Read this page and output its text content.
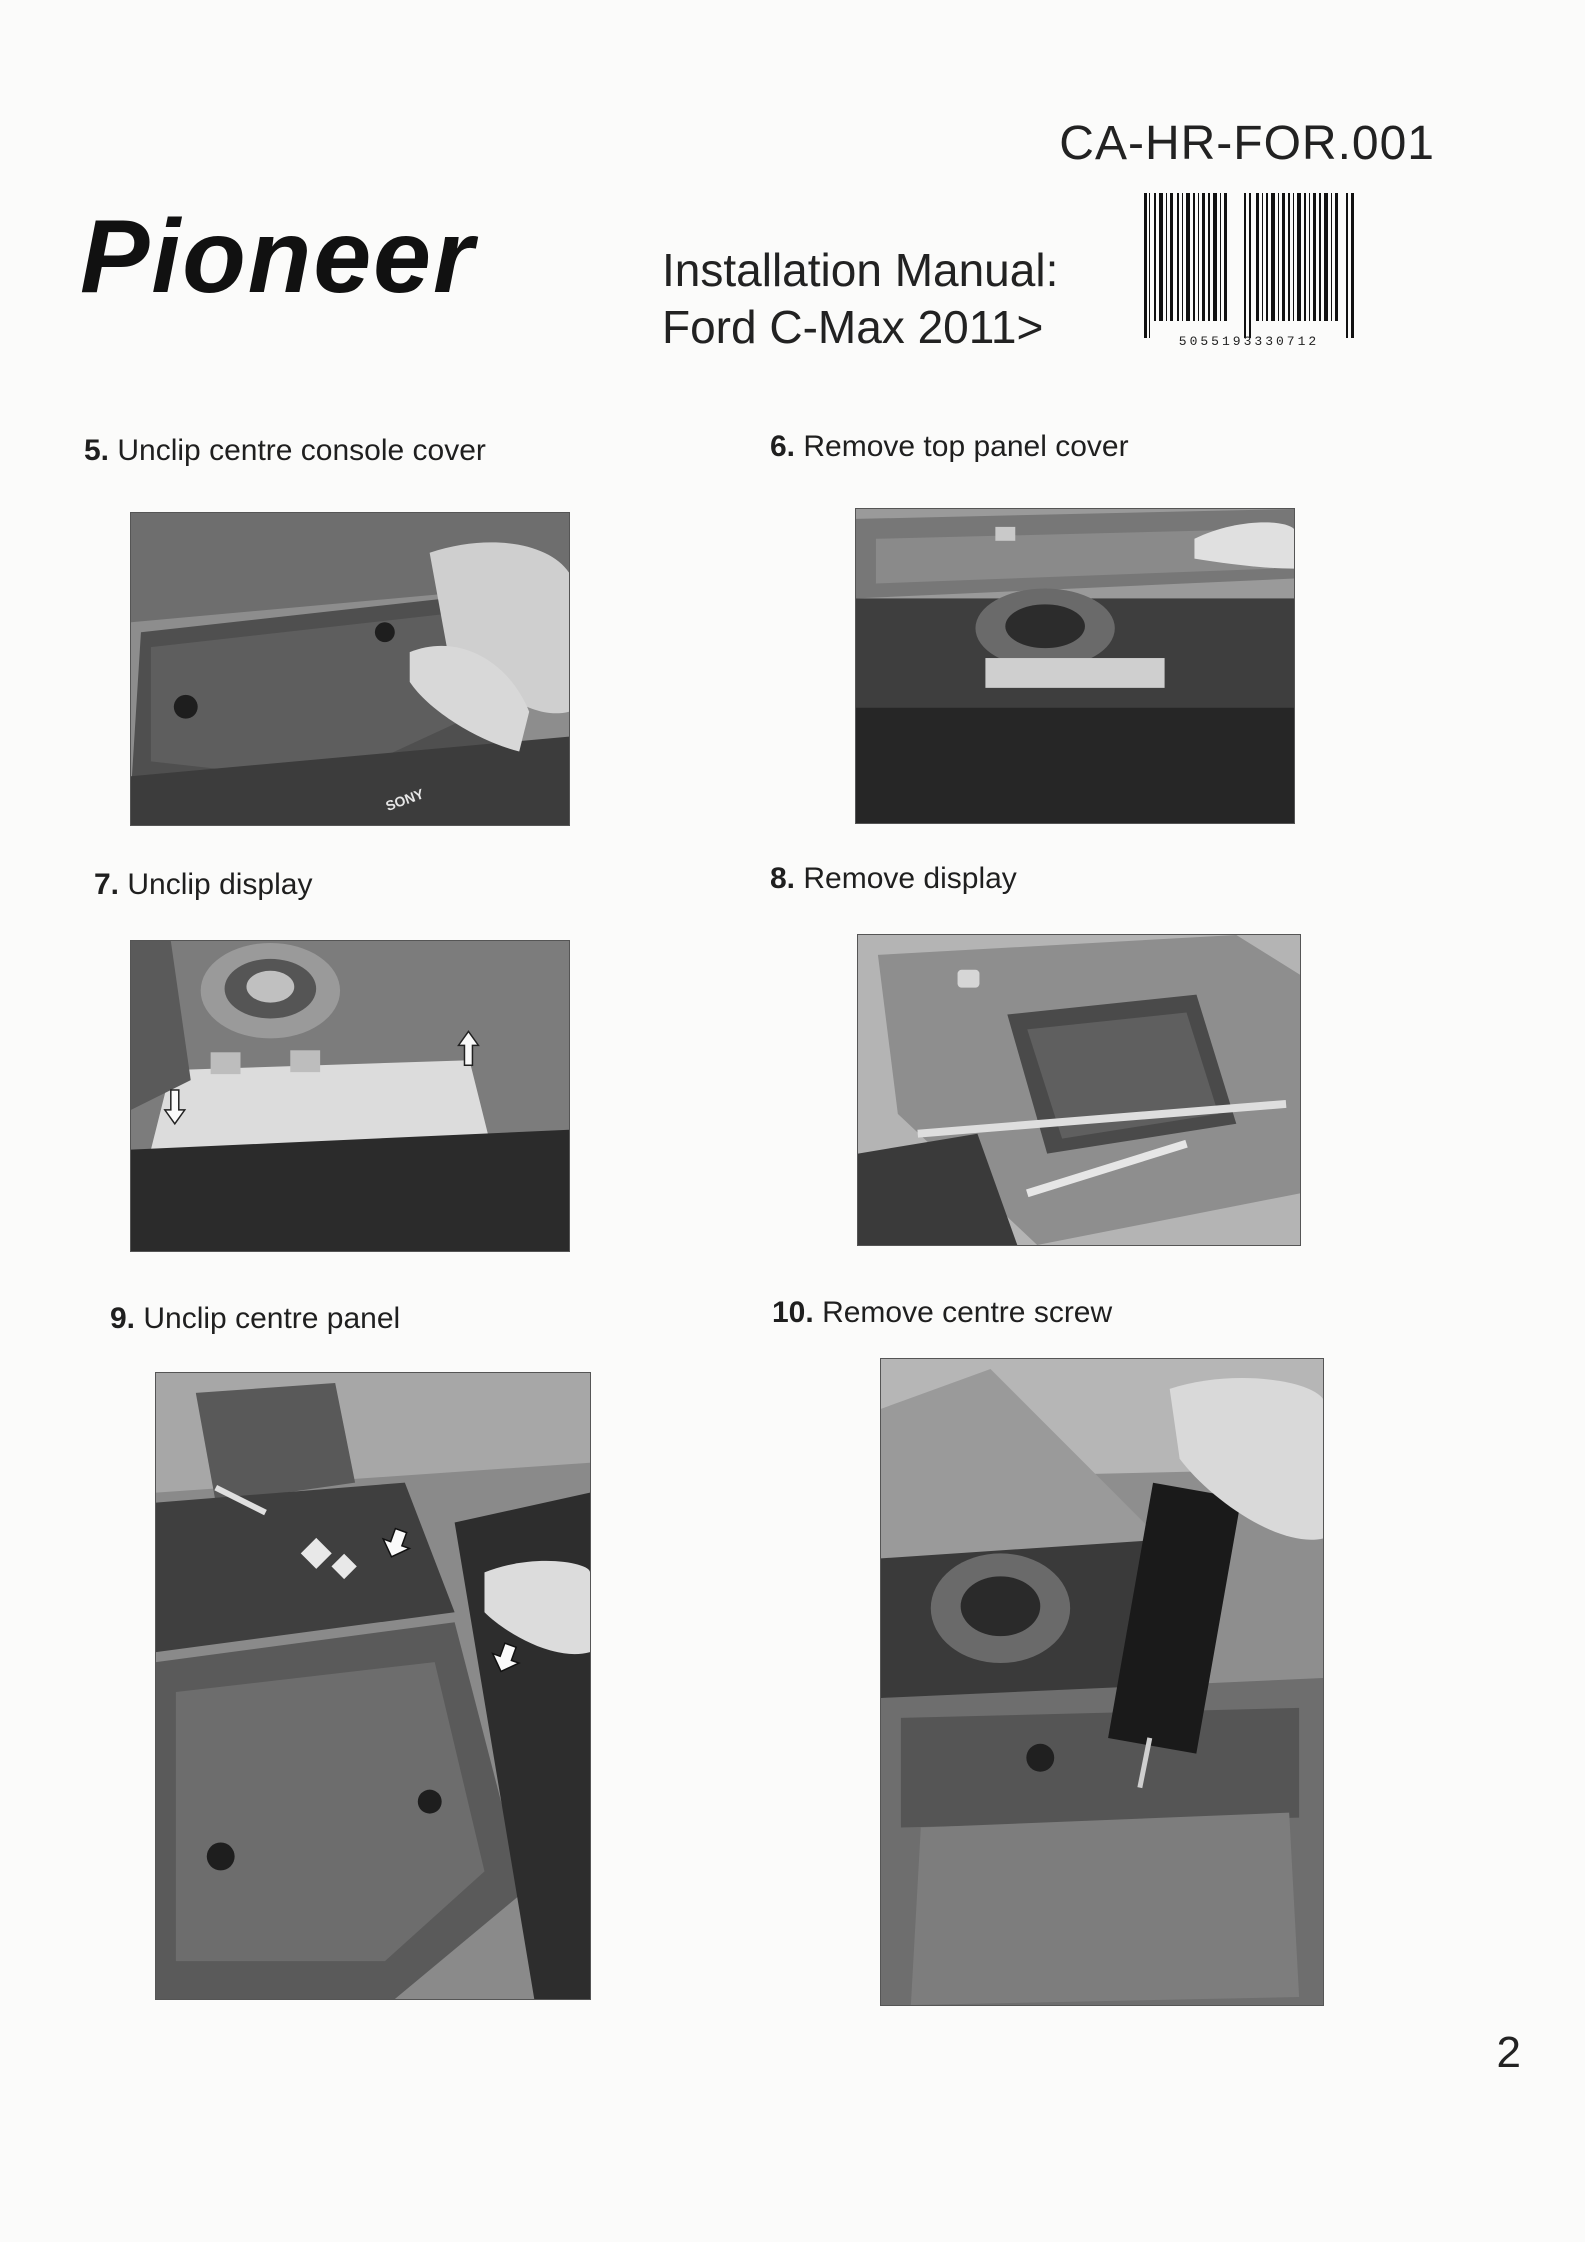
Pioneer
CA-HR-FOR.001
Installation Manual:
Ford C-Max 2011>	5055193330712
5. Unclip centre console cover	6. Remove top panel cover
7. Unclip display	8. Remove display
9. Unclip centre panel	10. Remove centre screw
SONY
2
